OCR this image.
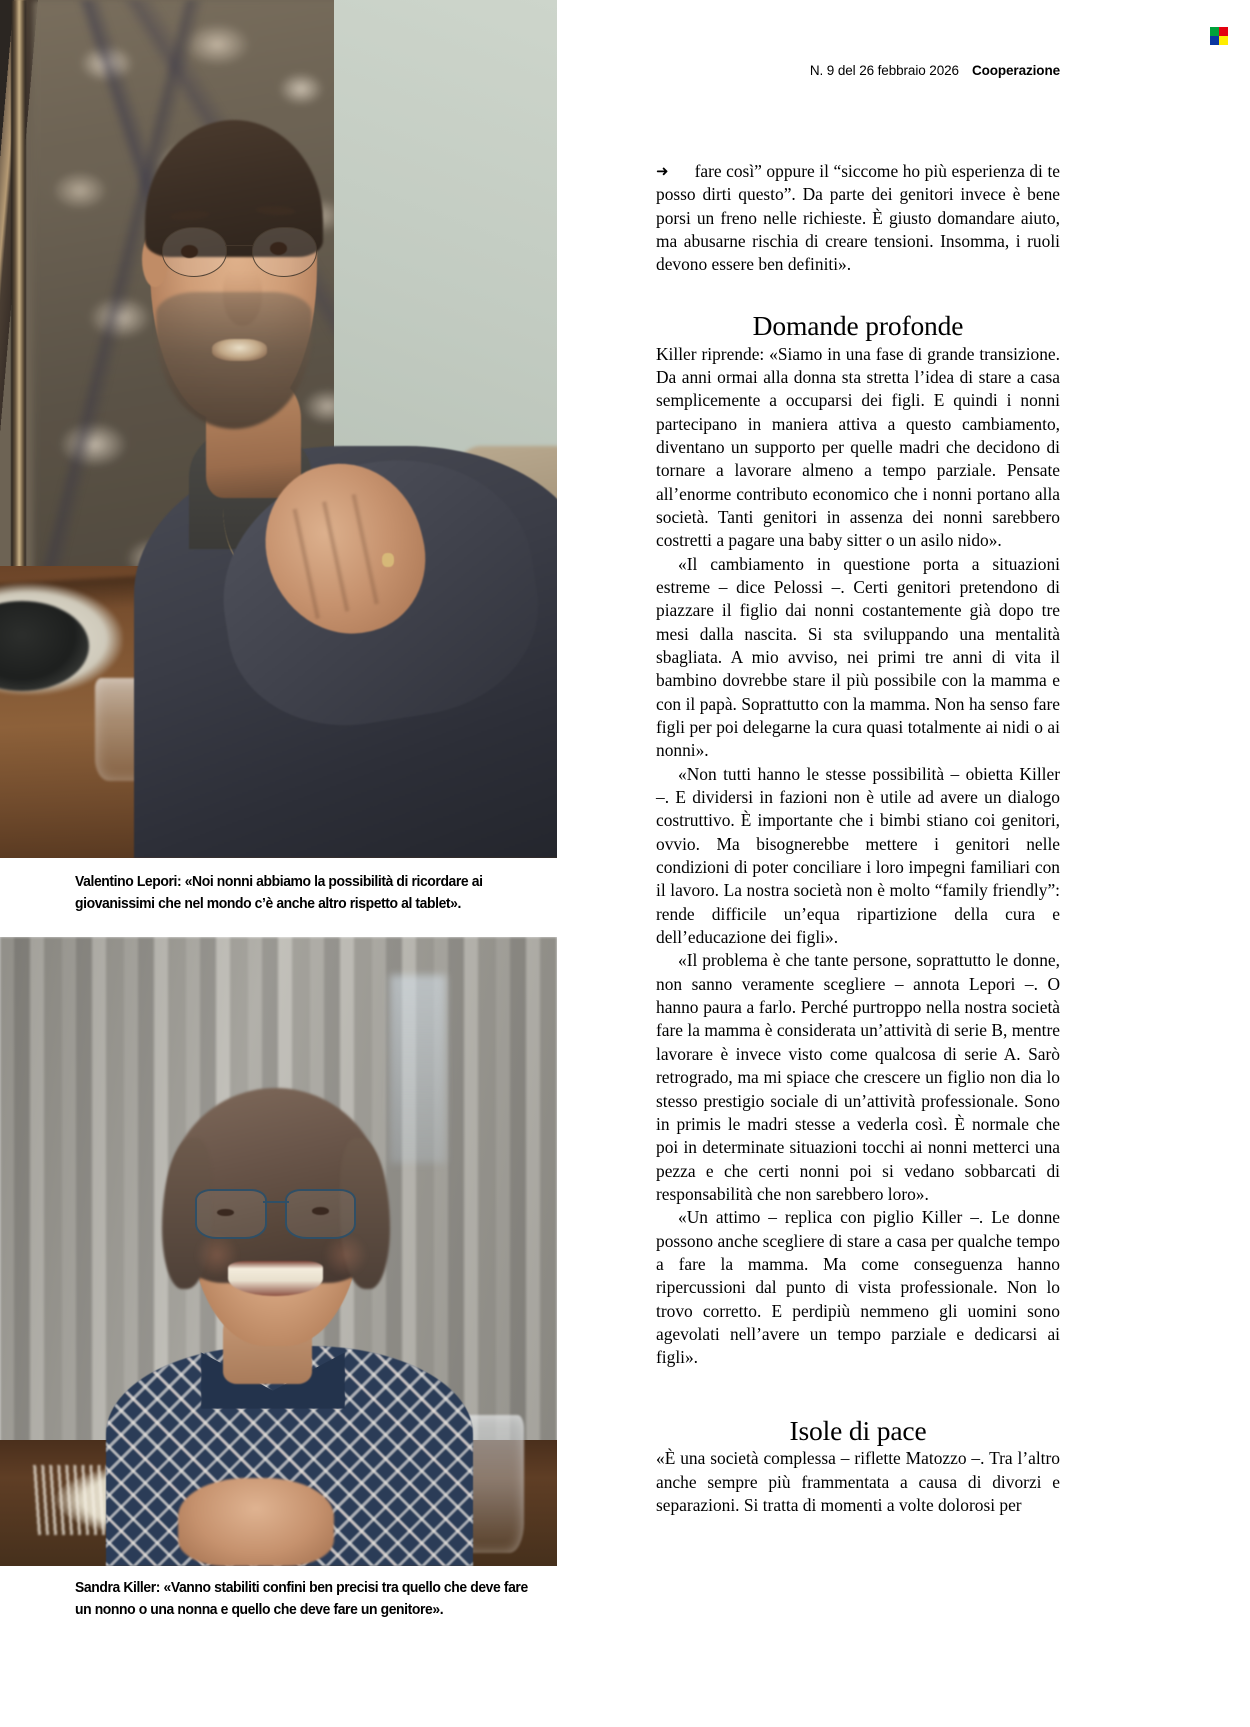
N. 9 del 26 febbraio 2026 Cooperazione
Valentino Lepori: «Noi nonni abbiamo la possibilità di ricordare ai giovanissimi che nel mondo c’è anche altro rispetto al tablet».
Sandra Killer: «Vanno stabiliti confini ben precisi tra quello che deve fare un nonno o una nonna e quello che deve fare un genitore».

➜ fare così” oppure il “siccome ho più esperienza di te posso dirti questo”. Da parte dei genitori invece è bene porsi un freno nelle richieste. È giusto domandare aiuto, ma abusarne rischia di creare tensioni. Insomma, i ruoli devono essere ben definiti».

Domande profonde

Killer riprende: «Siamo in una fase di grande transizione. Da anni ormai alla donna sta stretta l’idea di stare a casa semplicemente a occuparsi dei figli. E quindi i nonni partecipano in maniera attiva a questo cambiamento, diventano un supporto per quelle madri che decidono di tornare a lavorare almeno a tempo parziale. Pensate all’enorme contributo economico che i nonni portano alla società. Tanti genitori in assenza dei nonni sarebbero costretti a pagare una baby sitter o un asilo nido».

«Il cambiamento in questione porta a situazioni estreme – dice Pelossi –. Certi genitori pretendono di piazzare il figlio dai nonni costantemente già dopo tre mesi dalla nascita. Si sta sviluppando una mentalità sbagliata. A mio avviso, nei primi tre anni di vita il bambino dovrebbe stare il più possibile con la mamma e con il papà. Soprattutto con la mamma. Non ha senso fare figli per poi delegarne la cura quasi totalmente ai nidi o ai nonni».

«Non tutti hanno le stesse possibilità – obietta Killer –. E dividersi in fazioni non è utile ad avere un dialogo costruttivo. È importante che i bimbi stiano coi genitori, ovvio. Ma bisognerebbe mettere i genitori nelle condizioni di poter conciliare i loro impegni familiari con il lavoro. La nostra società non è molto “family friendly”: rende difficile un’equa ripartizione della cura e dell’educazione dei figli».

«Il problema è che tante persone, soprattutto le donne, non sanno veramente scegliere – annota Lepori –. O hanno paura a farlo. Perché purtroppo nella nostra società fare la mamma è considerata un’attività di serie B, mentre lavorare è invece visto come qualcosa di serie A. Sarò retrogrado, ma mi spiace che crescere un figlio non dia lo stesso prestigio sociale di un’attività professionale. Sono in primis le madri stesse a vederla così. È normale che poi in determinate situazioni tocchi ai nonni metterci una pezza e che certi nonni poi si vedano sobbarcati di responsabilità che non sarebbero loro».

«Un attimo – replica con piglio Killer –. Le donne possono anche scegliere di stare a casa per qualche tempo a fare la mamma. Ma come conseguenza hanno ripercussioni dal punto di vista professionale. Non lo trovo corretto. E perdipiù nemmeno gli uomini sono agevolati nell’avere un tempo parziale e dedicarsi ai figli».

Isole di pace

«È una società complessa – riflette Matozzo –. Tra l’altro anche sempre più frammentata a causa di divorzi e separazioni. Si tratta di momenti a volte dolorosi per
